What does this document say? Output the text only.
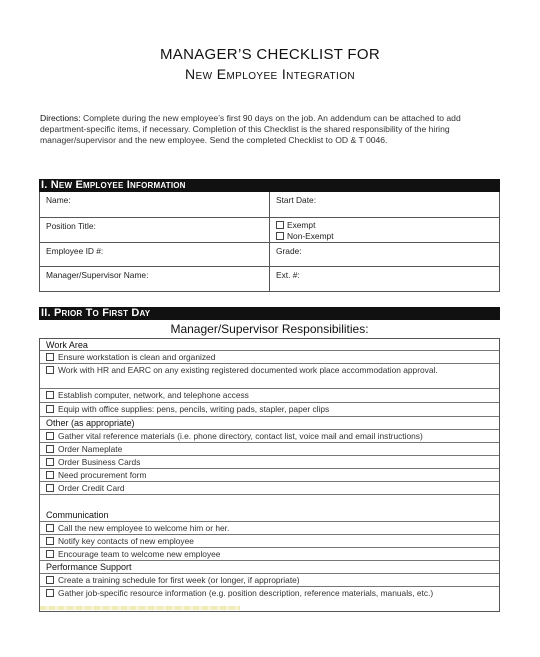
MANAGER’S CHECKLIST FOR
New Employee Integration
Directions: Complete during the new employee’s first 90 days on the job. An addendum can be attached to add department-specific items, if necessary. Completion of this Checklist is the shared responsibility of the hiring manager/supervisor and the new employee. Send the completed Checklist to OD & T 0046.
I. New Employee Information
Name:	Start Date:
Position Title:	Exempt
Non-Exempt
Employee ID #:	Grade:
Manager/Supervisor Name:	Ext. #:
II. Prior To First Day
Manager/Supervisor Responsibilities:
Work Area
Ensure workstation is clean and organized
Work with HR and EARC on any existing registered documented work place accommodation approval.
Establish computer, network, and telephone access
Equip with office supplies: pens, pencils, writing pads, stapler, paper clips
Other (as appropriate)
Gather vital reference materials (i.e. phone directory, contact list, voice mail and email instructions)
Order Nameplate
Order Business Cards
Need procurement form
Order Credit Card
Communication
Call the new employee to welcome him or her.
Notify key contacts of new employee
Encourage team to welcome new employee
Performance Support
Create a training schedule for first week (or longer, if appropriate)
Gather job-specific resource information (e.g. position description, reference materials, manuals, etc.)
